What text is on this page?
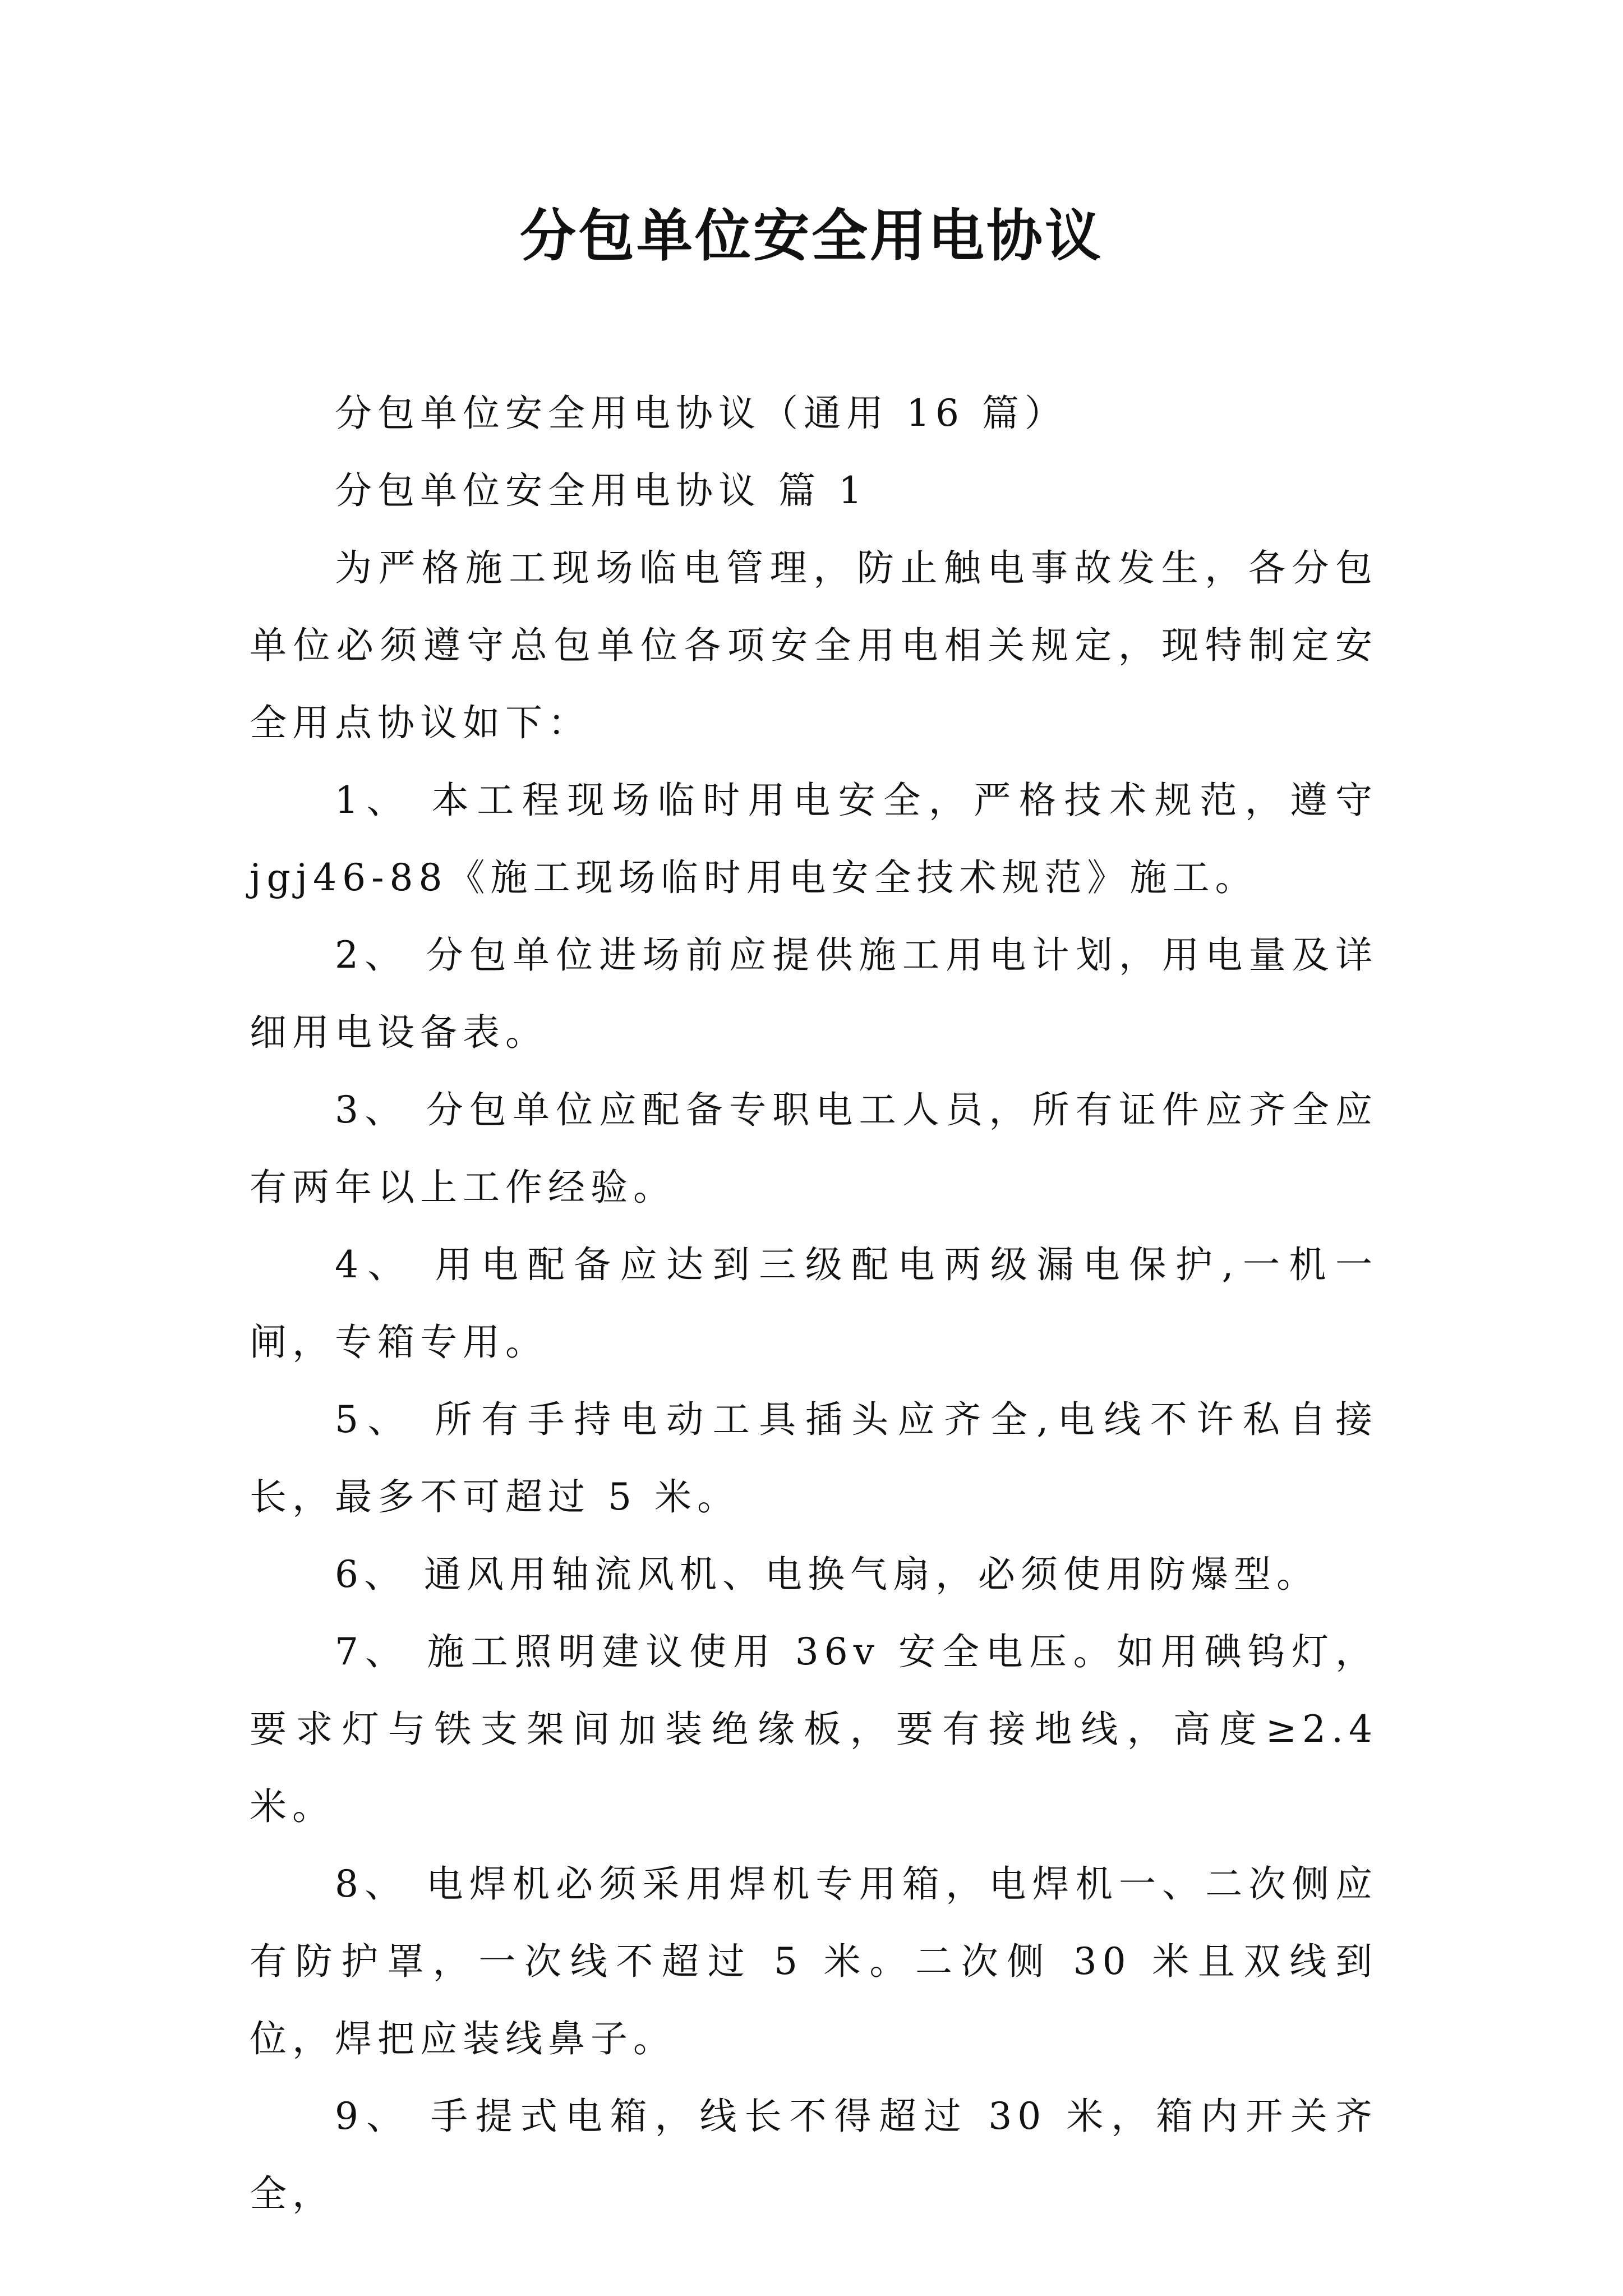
分包单位安全用电协议

分包单位安全用电协议（通用 16 篇）

分包单位安全用电协议 篇 1

为严格施工现场临电管理，防止触电事故发生，各分包单位必须遵守总包单位各项安全用电相关规定，现特制定安全用点协议如下：

1、 本工程现场临时用电安全，严格技术规范，遵守 jgj46-88《施工现场临时用电安全技术规范》施工。

2、 分包单位进场前应提供施工用电计划，用电量及详细用电设备表。

3、 分包单位应配备专职电工人员，所有证件应齐全应有两年以上工作经验。

4、 用电配备应达到三级配电两级漏电保护,一机一闸，专箱专用。

5、 所有手持电动工具插头应齐全,电线不许私自接长，最多不可超过 5 米。

6、 通风用轴流风机、电换气扇，必须使用防爆型。

7、 施工照明建议使用 36v 安全电压。如用碘钨灯，要求灯与铁支架间加装绝缘板，要有接地线，高度≥2.4 米。

8、 电焊机必须采用焊机专用箱，电焊机一、二次侧应有防护罩，一次线不超过 5 米。二次侧 30 米且双线到位，焊把应装线鼻子。

9、 手提式电箱，线长不得超过 30 米，箱内开关齐全，
